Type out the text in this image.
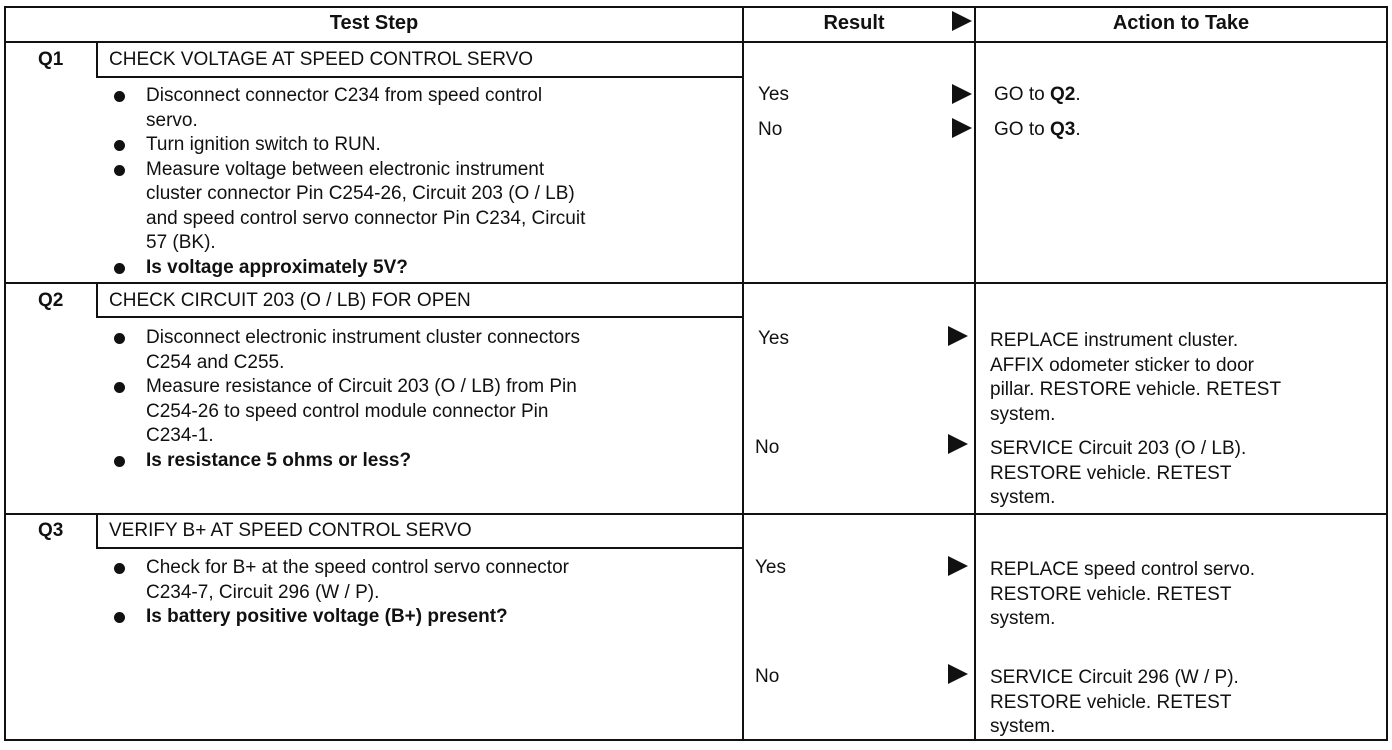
Test Step	Result	Action to Take
Q1 CHECK VOLTAGE AT SPEED CONTROL SERVO
Disconnect connector C234 from speed control
servo.
Turn ignition switch to RUN.
Measure voltage between electronic instrument
cluster connector Pin C254-26, Circuit 203 (O / LB)
and speed control servo connector Pin C234, Circuit
57 (BK).
Is voltage approximately 5V?
Yes	GO to Q2.
No	GO to Q3.
Q2 CHECK CIRCUIT 203 (O / LB) FOR OPEN
Disconnect electronic instrument cluster connectors
C254 and C255.
Measure resistance of Circuit 203 (O / LB) from Pin
C254-26 to speed control module connector Pin
C234-1.
Is resistance 5 ohms or less?
Yes	REPLACE instrument cluster.
AFFIX odometer sticker to door
pillar. RESTORE vehicle. RETEST
system.
No	SERVICE Circuit 203 (O / LB).
RESTORE vehicle. RETEST
system.
Q3 VERIFY B+ AT SPEED CONTROL SERVO
Check for B+ at the speed control servo connector
C234-7, Circuit 296 (W / P).
Is battery positive voltage (B+) present?
Yes	REPLACE speed control servo.
RESTORE vehicle. RETEST
system.
No	SERVICE Circuit 296 (W / P).
RESTORE vehicle. RETEST
system.
